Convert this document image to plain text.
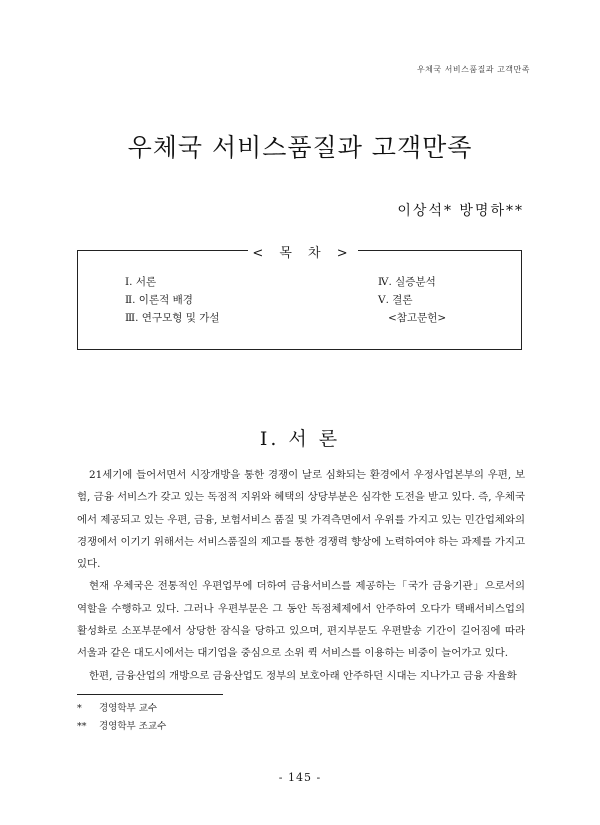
우체국 서비스품질과 고객만족
우체국 서비스품질과 고객만족
이상석* 방명하**
< 목 차 >
Ⅰ. 서론
Ⅱ. 이론적 배경
Ⅲ. 연구모형 및 가설
Ⅳ. 실증분석
Ⅴ. 결론
<참고문헌>
Ⅰ. 서 론

21세기에 들어서면서 시장개방을 통한 경쟁이 날로 심화되는 환경에서 우정사업본부의 우편, 보험, 금융 서비스가 갖고 있는 독점적 지위와 혜택의 상당부분은 심각한 도전을 받고 있다. 즉, 우체국에서 제공되고 있는 우편, 금융, 보험서비스 품질 및 가격측면에서 우위를 가지고 있는 민간업체와의 경쟁에서 이기기 위해서는 서비스품질의 제고를 통한 경쟁력 향상에 노력하여야 하는 과제를 가지고 있다.

현재 우체국은 전통적인 우편업무에 더하여 금융서비스를 제공하는「국가 금융기관」으로서의 역할을 수행하고 있다. 그러나 우편부문은 그 동안 독점체제에서 안주하여 오다가 택배서비스업의 활성화로 소포부문에서 상당한 잠식을 당하고 있으며, 편지부문도 우편발송 기간이 길어짐에 따라 서울과 같은 대도시에서는 대기업을 중심으로 소위 퀵 서비스를 이용하는 비중이 늘어가고 있다.

한편, 금융산업의 개방으로 금융산업도 정부의 보호아래 안주하던 시대는 지나가고 금융 자율화

* 경영학부 교수
** 경영학부 조교수
- 145 -
